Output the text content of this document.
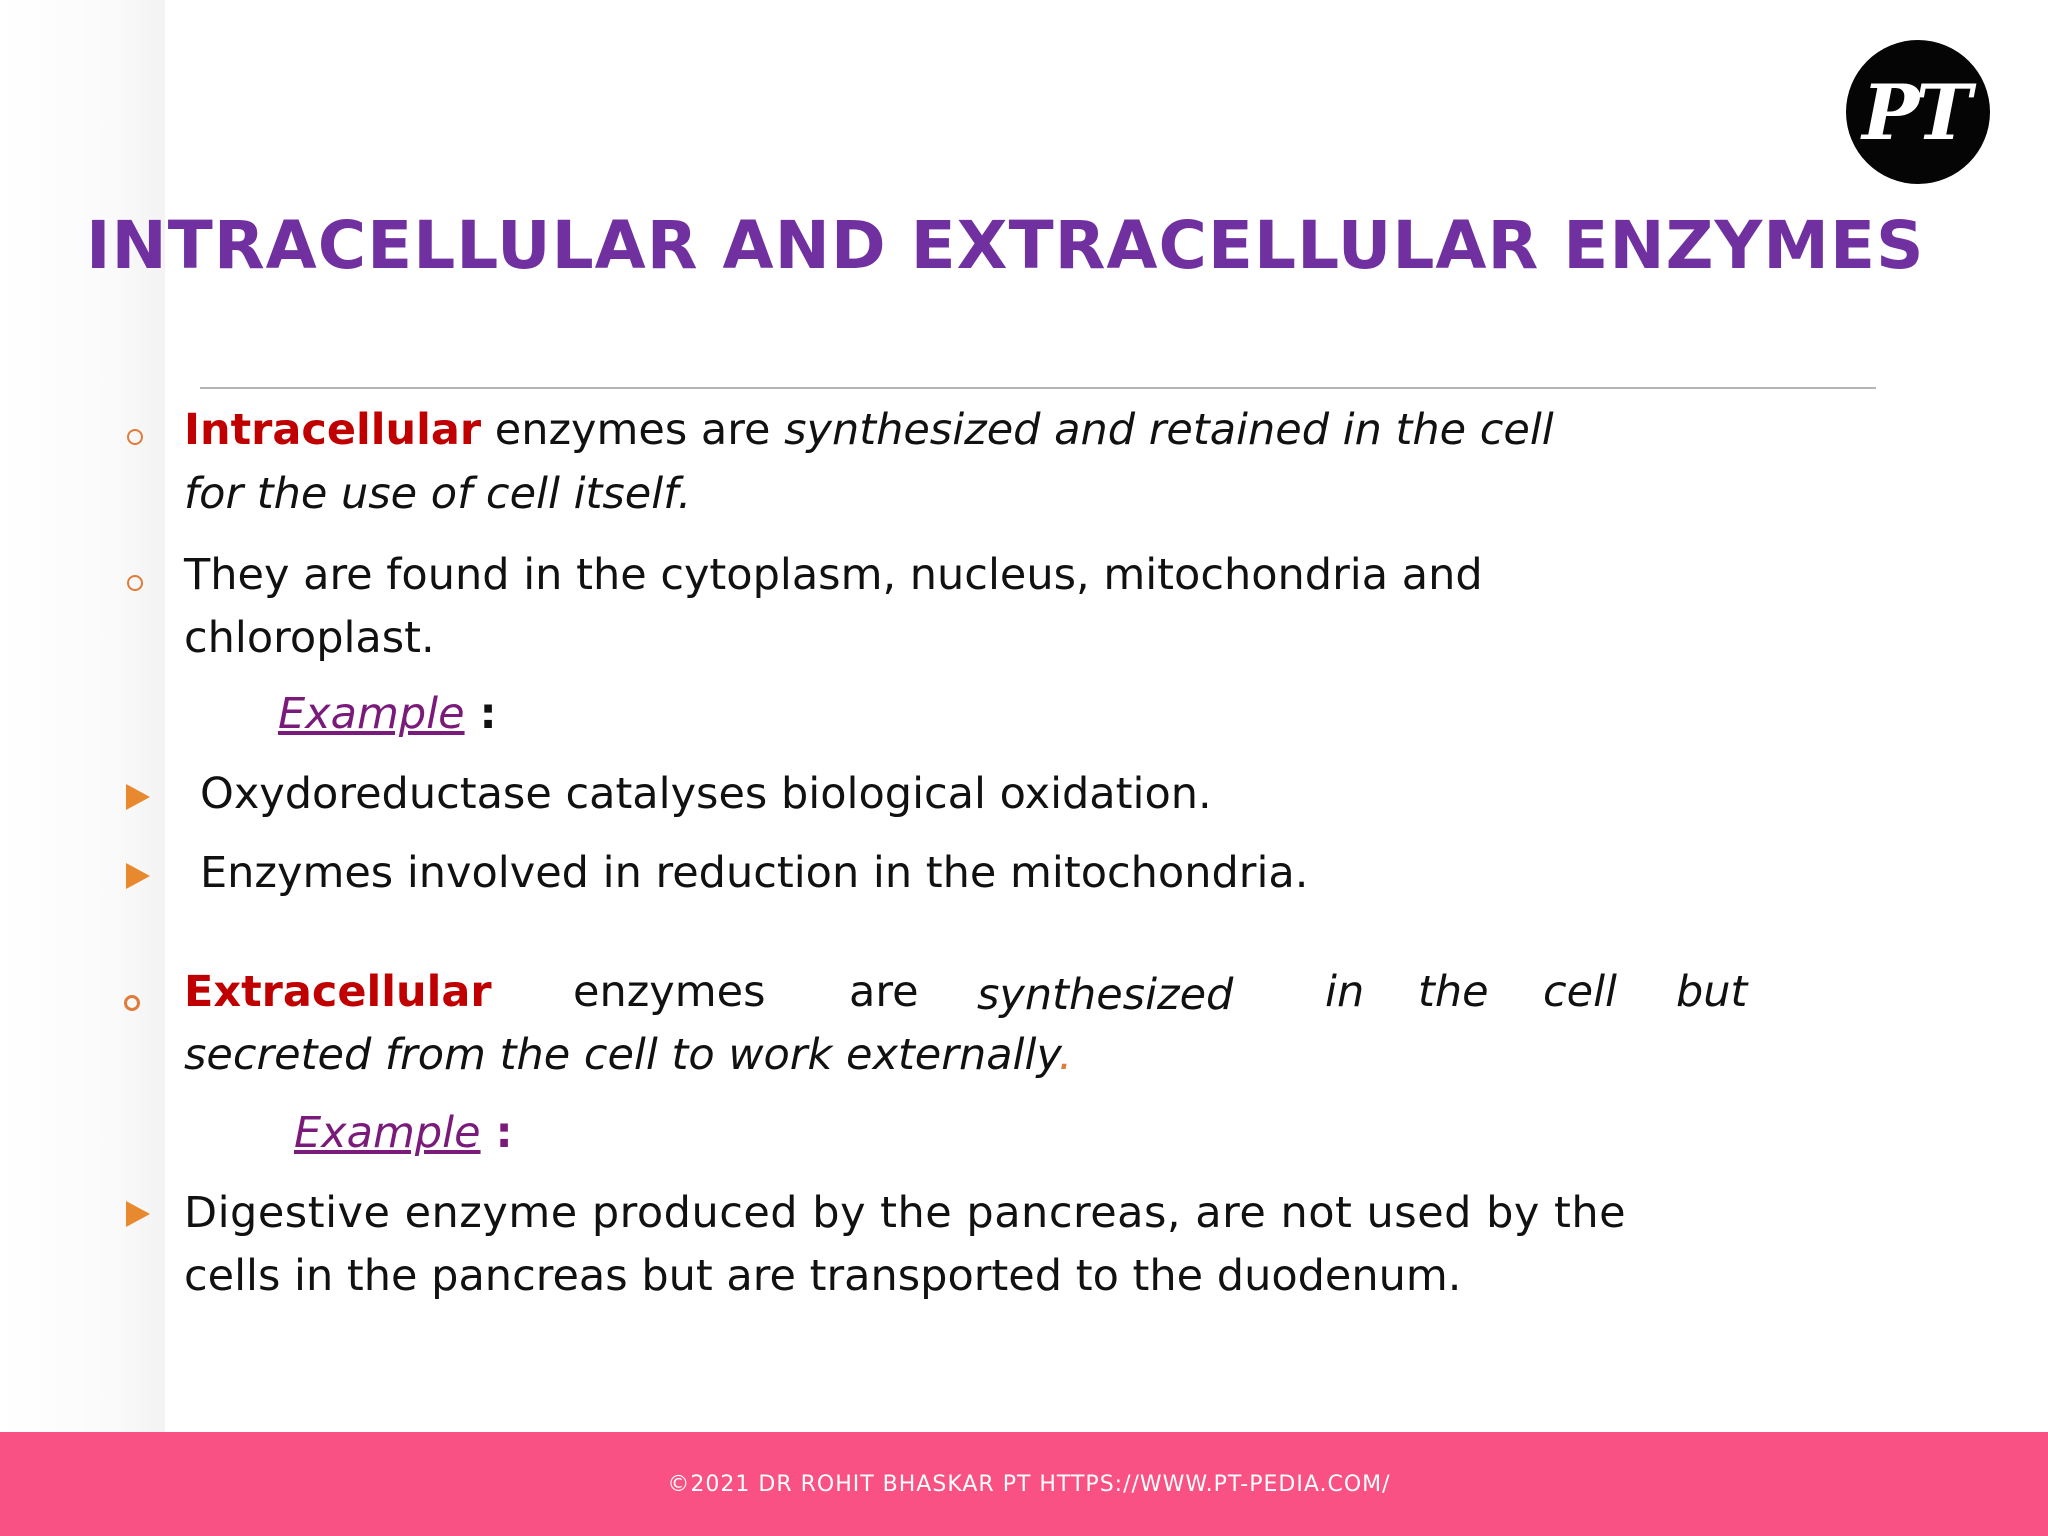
PT
INTRACELLULAR AND EXTRACELLULAR ENZYMES
Intracellular enzymes are synthesized and retained in the cell
for the use of cell itself.
They are found in the cytoplasm, nucleus, mitochondria and
chloroplast.
Example :
Oxydoreductase catalyses biological oxidation.
Enzymes involved in reduction in the mitochondria.
Extracellular enzymes are synthesized in the cell but
secreted from the cell to work externally.
Example :
Digestive enzyme produced by the pancreas, are not used by the
cells in the pancreas but are transported to the duodenum.
©2021 DR ROHIT BHASKAR PT HTTPS://WWW.PT-PEDIA.COM/
